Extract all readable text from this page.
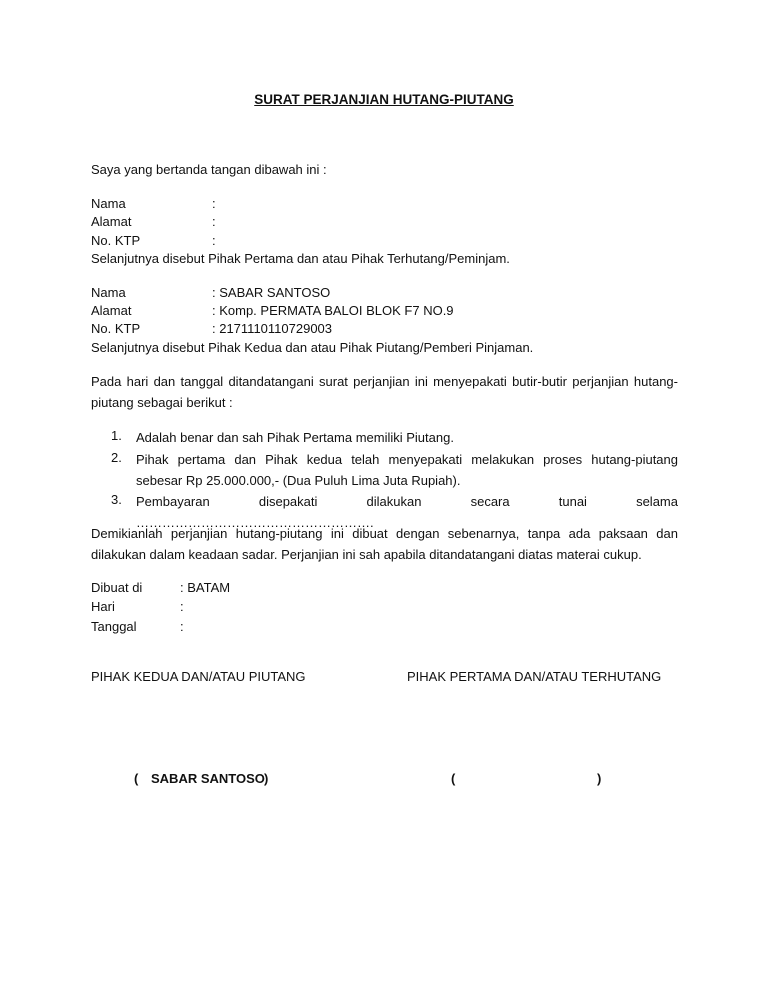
SURAT PERJANJIAN HUTANG-PIUTANG
Saya yang bertanda tangan dibawah ini :
Nama	:
Alamat	:
No. KTP	:
Selanjutnya disebut Pihak Pertama dan atau Pihak Terhutang/Peminjam.
Nama	: SABAR SANTOSO
Alamat	: Komp. PERMATA BALOI BLOK F7 NO.9
No. KTP	: 2171110110729003
Selanjutnya disebut Pihak Kedua dan atau Pihak Piutang/Pemberi Pinjaman.
Pada hari dan tanggal ditandatangani surat perjanjian ini menyepakati butir-butir perjanjian hutang-piutang sebagai berikut :
1. Adalah benar dan sah Pihak Pertama memiliki Piutang.
2. Pihak pertama dan Pihak kedua telah menyepakati melakukan proses hutang-piutang sebesar Rp 25.000.000,- (Dua Puluh Lima Juta Rupiah).
3. Pembayaran disepakati dilakukan secara tunai selama ……………………………………………….
Demikianlah perjanjian hutang-piutang ini dibuat dengan sebenarnya, tanpa ada paksaan dan dilakukan dalam keadaan sadar. Perjanjian ini sah apabila ditandatangani diatas materai cukup.
Dibuat di	: BATAM
Hari	:
Tanggal	:
PIHAK KEDUA DAN/ATAU PIUTANG	PIHAK PERTAMA DAN/ATAU TERHUTANG
( SABAR SANTOSO )	(	)
